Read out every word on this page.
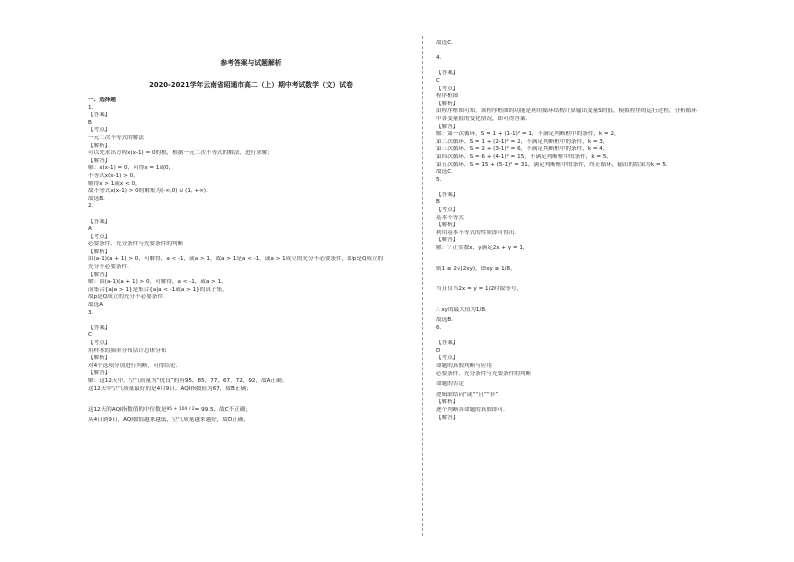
参考答案与试题解析
2020-2021学年云南省昭通市高二（上）期中考试数学（文）试卷
一、选择题
1.
【答案】
B
【考点】
一元二次不等式的解法
【解析】
可以先求出方程x(x-1) = 0的根，根据一元二次不等式的解法，进行求解；
【解答】
解：x(x-1) = 0，可得x = 1或0，
不等式x(x-1) > 0，
解得x > 1或x < 0，
故不等式x(x-1) > 0的解集为(-∞,0) ∪ (1, +∞).
故选B.
2.
【答案】
A
【考点】
必要条件、充分条件与充要条件的判断
【解析】
由(a-1)(a + 1) > 0，可解得，a < -1，或a > 1，故a > 1是a < -1，或a > 1成立的充分不必要条件，即p是Q成立的
充分不必要条件.
【解答】
解：由(a-1)(a + 1) > 0，可解得，a < -1，或a > 1，
而集合{a|a > 1}是集合{a|a < -1或a > 1}的真子集，
故p是Q成立的充分不必要条件.
故选A
3.
【答案】
C
【考点】
用样本的频率分布估计总体分布
【解析】
对4个选项分别进行判断，可得结论.
【解答】
解：这12天中，空气质量为“优良”的有95，85，77，67，72，92，故A正确；
这12天中空气质量最好的是4月9日，AQI指数值为67，故B正确；
这12天的AQI指数值的中位数是95 + 104 / 2= 99.5，故C不正确；
从4日到9日，AQI数值越来越低，空气质量越来越好，故D正确，
故选C.
4.
【答案】
C
【考点】
程序框图
【解析】
由程序框图可知，该程序框图的功能是利用循环结构计算输出变量S的值，模拟程序的运行过程，分析循环
中各变量值的变化情况，即可得答案.
【解答】
解：第一次循环，S = 1 + (1-1)² = 1，不满足判断框中的条件，k = 2，
第二次循环，S = 1 + (2-1)² = 2，不满足判断框中的条件，k = 3，
第三次循环，S = 2 + (3-1)² = 6，不满足判断框中的条件，k = 4，
第四次循环，S = 6 + (4-1)² = 15，不满足判断框中的条件，k = 5，
第五次循环，S = 15 + (5-1)² = 31，满足判断框中的条件，终止循环，输出的结果为k = 5.
故选C.
5.
【答案】
B
【考点】
基本不等式
【解析】
利用基本不等式的性质即可得出.
【解答】
解：∵ 正实数x，y满足2x + y = 1，
则1 ≥ 2√(2xy)，即xy ≤ 1/8，
当且仅当2x = y = 1/2时取等号，
∴ xy的最大值为1/8.
故选B.
6.
【答案】
D
【考点】
命题的真假判断与应用
必要条件、充分条件与充要条件的判断
命题的否定
逻辑联结词“或”“且”“非”
【解析】
逐个判断各命题的真假即可.
【解答】
